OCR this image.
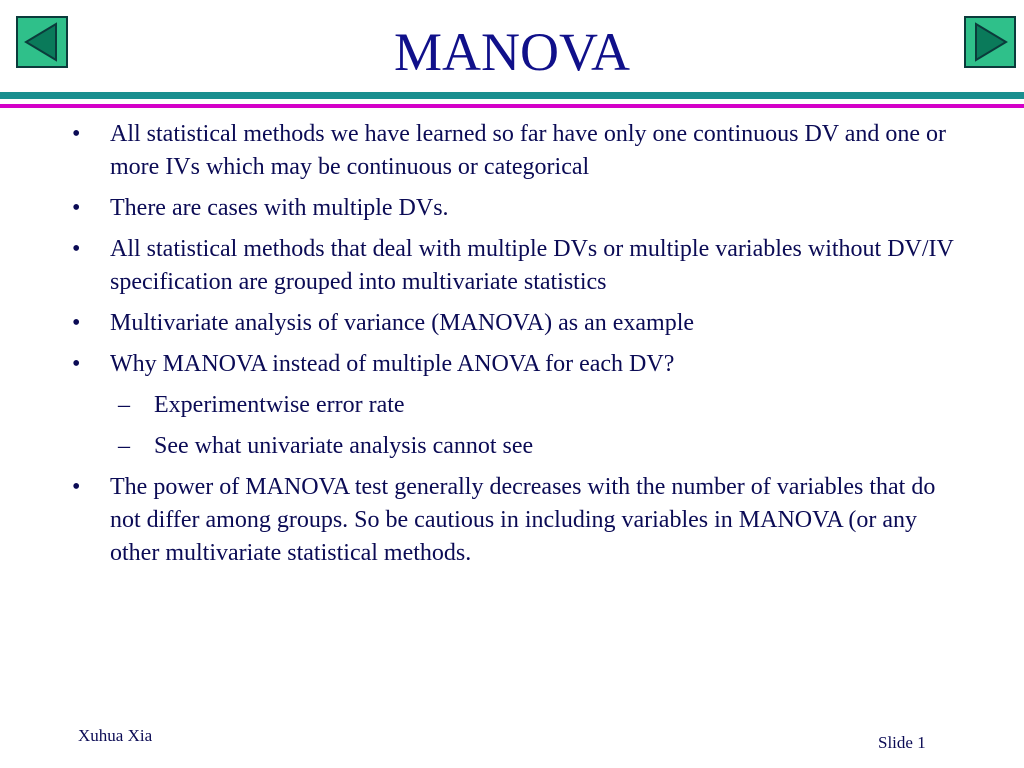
MANOVA
• All statistical methods we have learned so far have only one continuous DV and one or more IVs which may be continuous or categorical
• There are cases with multiple DVs.
• All statistical methods that deal with multiple DVs or multiple variables without DV/IV specification are grouped into multivariate statistics
• Multivariate analysis of variance (MANOVA) as an example
• Why MANOVA instead of multiple ANOVA for each DV?
– Experimentwise error rate
– See what univariate analysis cannot see
• The power of MANOVA test generally decreases with the number of variables that do not differ among groups. So be cautious in including variables in MANOVA (or any other multivariate statistical methods.
Xuhua Xia	Slide 1
